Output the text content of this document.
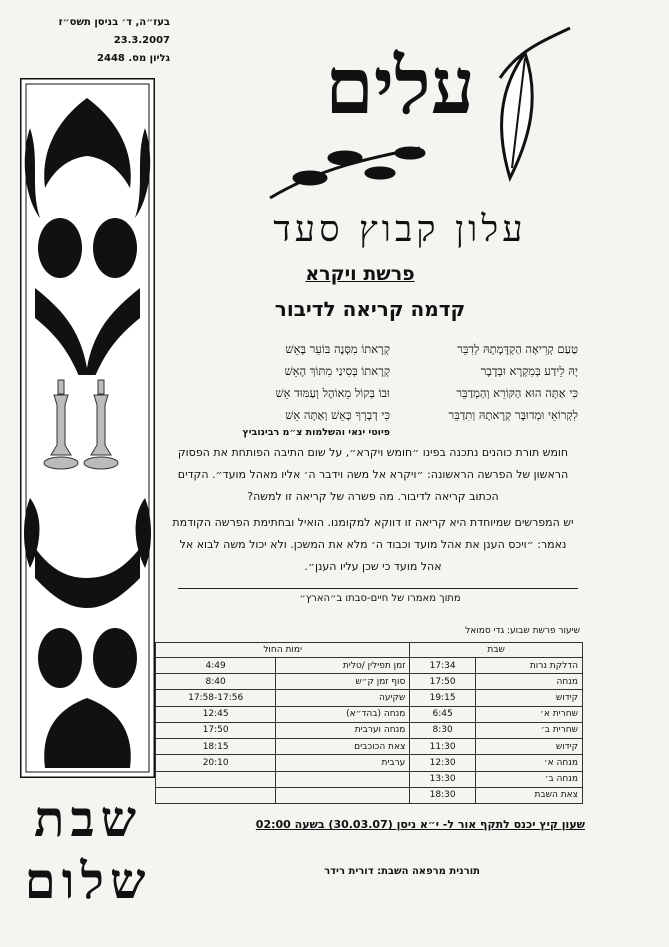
בעז״ה, ד׳ בניסן תשס״ז
23.3.2007
גליון מס. 2448
שבת
שלום
עלים
עלון קבוץ סעד
פרשת ויקרא
קדמה קריאה לדיבור
טַעַם קְרִיאָה הַקְדָּמָתָהּ לְדִבֵּר
יָהּ לֵידַע בְּמִקְרָא וּבְדָבָר
כִּי אַתָּה הוּא הַקּוֹרֵא וְהַמְדַבֵּר
לִקְרוֹאֵי וּמְדוּבָּר קְרָאתָהּ וְתִדַבֵּר
קְרָאתוֹ מִסְּנֶה בּוֹעֵר בָּאֵשׁ
קְרָאתוֹ בְּסִינַי מִתּוֹךְ הָאֵשׁ
וּבוֹ בְּקוֹל מֵאוֹהֶל וְעַמּוּד אֵשׁ
כִּי דְבָרְךָ כָּאֵשׁ וְאַתָּה אֵשׁ
פיוטי ינאי והשלמות צ״מ רבינוביץ

חומש תורת כוהנים נתכנה בפינו ״חומש ויקרא״, על שום התיבה הפותחת את הפסוק הראשון של הפרשה הראשונה: ״ויקרא אל משה וידבר ה׳ אליו מאהל מועד״. הקדים הכתוב קריאה לדיבור. מה פשרה של קריאה זו למשה?

יש המפרשים שמיוחדת היא קריאה זו דווקא למקומנו. הואיל ובחתימת הפרשה הקודמת נאמר: ״ויכס הענן את אהל מועד וכבוד ה׳ מלא את המשכן. ולא יכול משה לבוא אל אהל מועד כי שכן עליו הענן״.

מתוך מאמרו של חיים-סבתו ב״הארץ״
שיעור פרשת שבוע: גדי סמואל
שבת		ימות החול	
הדלקת נרות	17:34	זמן תפילין /טלית	4:49
מנחה	17:50	סוף זמן ק״ש	8:40
קידוש	19:15	שקיעה	17:58-17:56
שחרית א׳	6:45	מנחה (בהד״א)	12:45
שחרית ב׳	8:30	מנחה וערבית	17:50
קידוש	11:30	צאת הכוכבים	18:15
מנחה א׳	12:30	ערבית	20:10
מנחה ב׳	13:30		
צאת השבת	18:30		
שעון קיץ יכנס לתקף אור ל- י״א ניסן (30.03.07) בשעה 02:00
תורנית מרפאה השבת: דורית רידר
